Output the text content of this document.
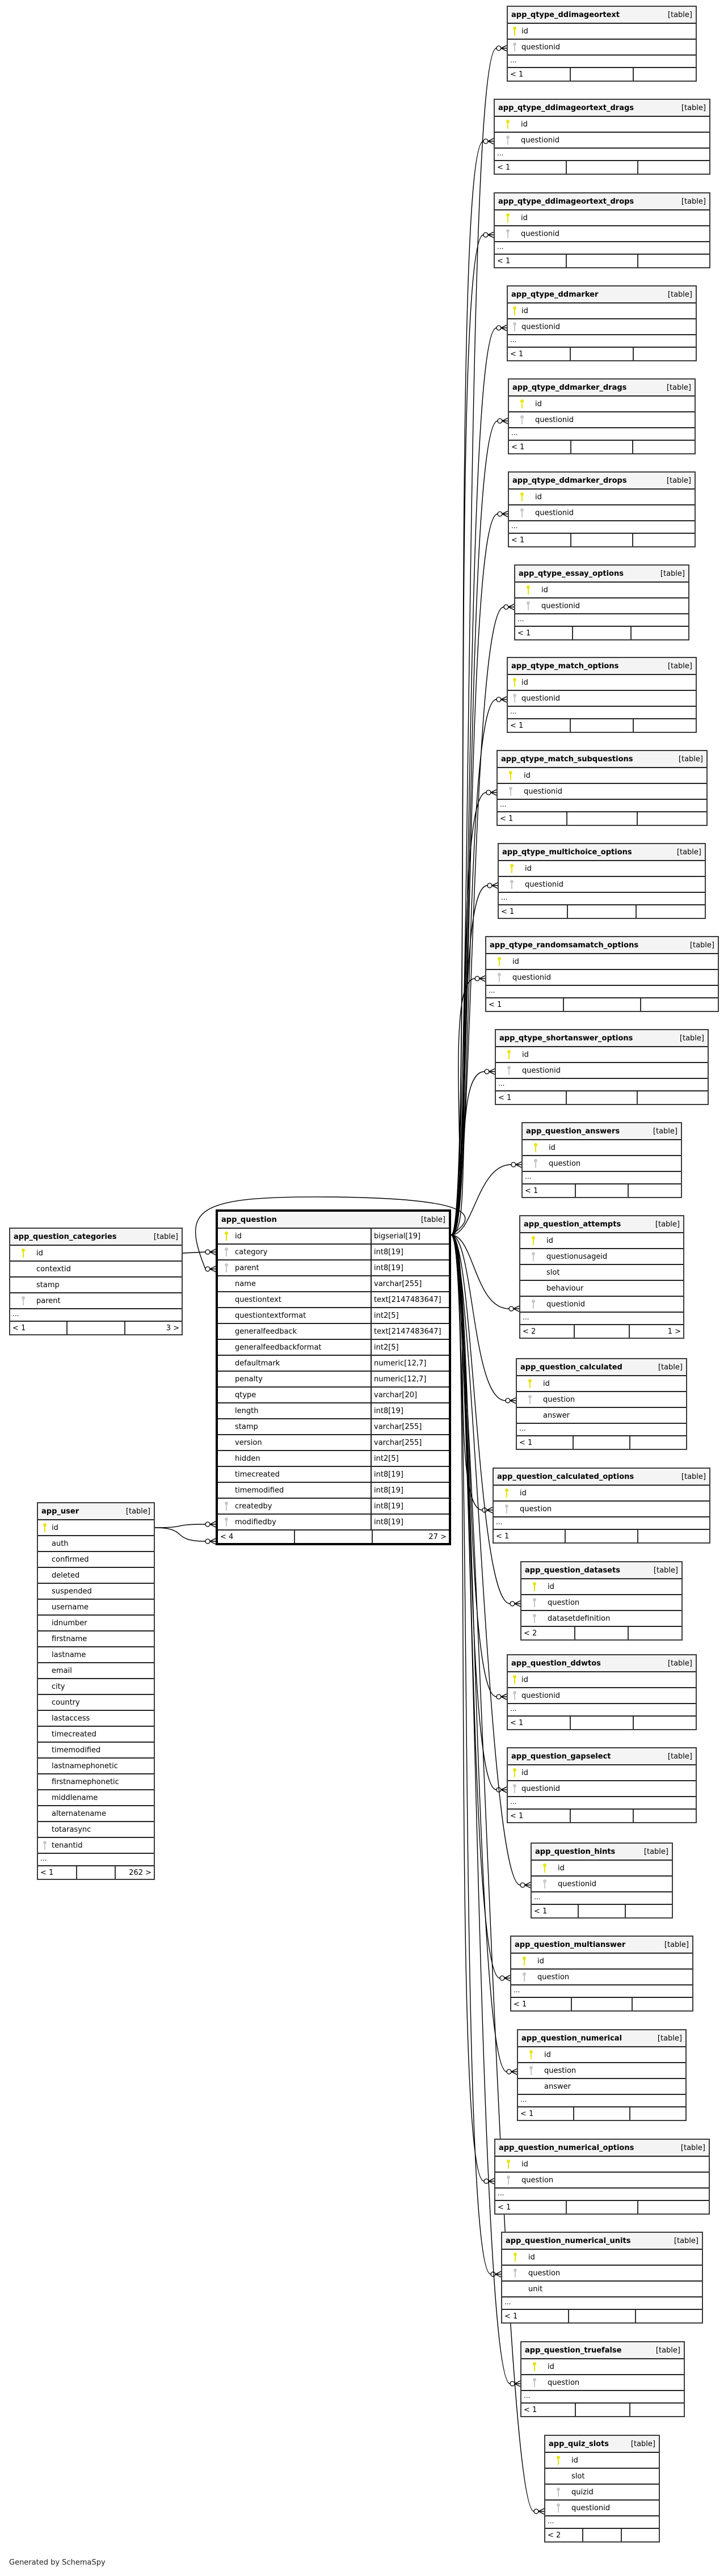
app_question	[table]
id	bigserial[19]
category	int8[19]
parent	int8[19]
name	varchar[255]
questiontext	text[2147483647]
questiontextformat	int2[5]
generalfeedback	text[2147483647]
generalfeedbackformat	int2[5]
defaultmark	numeric[12,7]
penalty	numeric[12,7]
qtype	varchar[20]
length	int8[19]
stamp	varchar[255]
version	varchar[255]
hidden	int2[5]
timecreated	int8[19]
timemodified	int8[19]
createdby	int8[19]
modifiedby	int8[19]
< 4	27 >
app_question_categories	[table]
id
contextid
stamp
parent
...
< 1	3 >
app_user	[table]
id
auth
confirmed
deleted
suspended
username
idnumber
firstname
lastname
email
city
country
lastaccess
timecreated
timemodified
lastnamephonetic
firstnamephonetic
middlename
alternatename
totarasync
tenantid
...
< 1	262 >
app_qtype_ddimageortext	[table]
id
questionid
...
< 1
app_qtype_ddimageortext_drags	[table]
id
questionid
...
< 1
app_qtype_ddimageortext_drops	[table]
id
questionid
...
< 1
app_qtype_ddmarker	[table]
id
questionid
...
< 1
app_qtype_ddmarker_drags	[table]
id
questionid
...
< 1
app_qtype_ddmarker_drops	[table]
id
questionid
...
< 1
app_qtype_essay_options	[table]
id
questionid
...
< 1
app_qtype_match_options	[table]
id
questionid
...
< 1
app_qtype_match_subquestions	[table]
id
questionid
...
< 1
app_qtype_multichoice_options	[table]
id
questionid
...
< 1
app_qtype_randomsamatch_options	[table]
id
questionid
...
< 1
app_qtype_shortanswer_options	[table]
id
questionid
...
< 1
app_question_answers	[table]
id
question
...
< 1
app_question_attempts	[table]
id
questionusageid
slot
behaviour
questionid
...
< 2	1 >
app_question_calculated	[table]
id
question
answer
...
< 1
app_question_calculated_options	[table]
id
question
...
< 1
app_question_datasets	[table]
id
question
datasetdefinition
< 2
app_question_ddwtos	[table]
id
questionid
...
< 1
app_question_gapselect	[table]
id
questionid
...
< 1
app_question_hints	[table]
id
questionid
...
< 1
app_question_multianswer	[table]
id
question
...
< 1
app_question_numerical	[table]
id
question
answer
...
< 1
app_question_numerical_options	[table]
id
question
...
< 1
app_question_numerical_units	[table]
id
question
unit
...
< 1
app_question_truefalse	[table]
id
question
...
< 1
app_quiz_slots	[table]
id
slot
quizid
questionid
...
< 2
Generated by SchemaSpy
